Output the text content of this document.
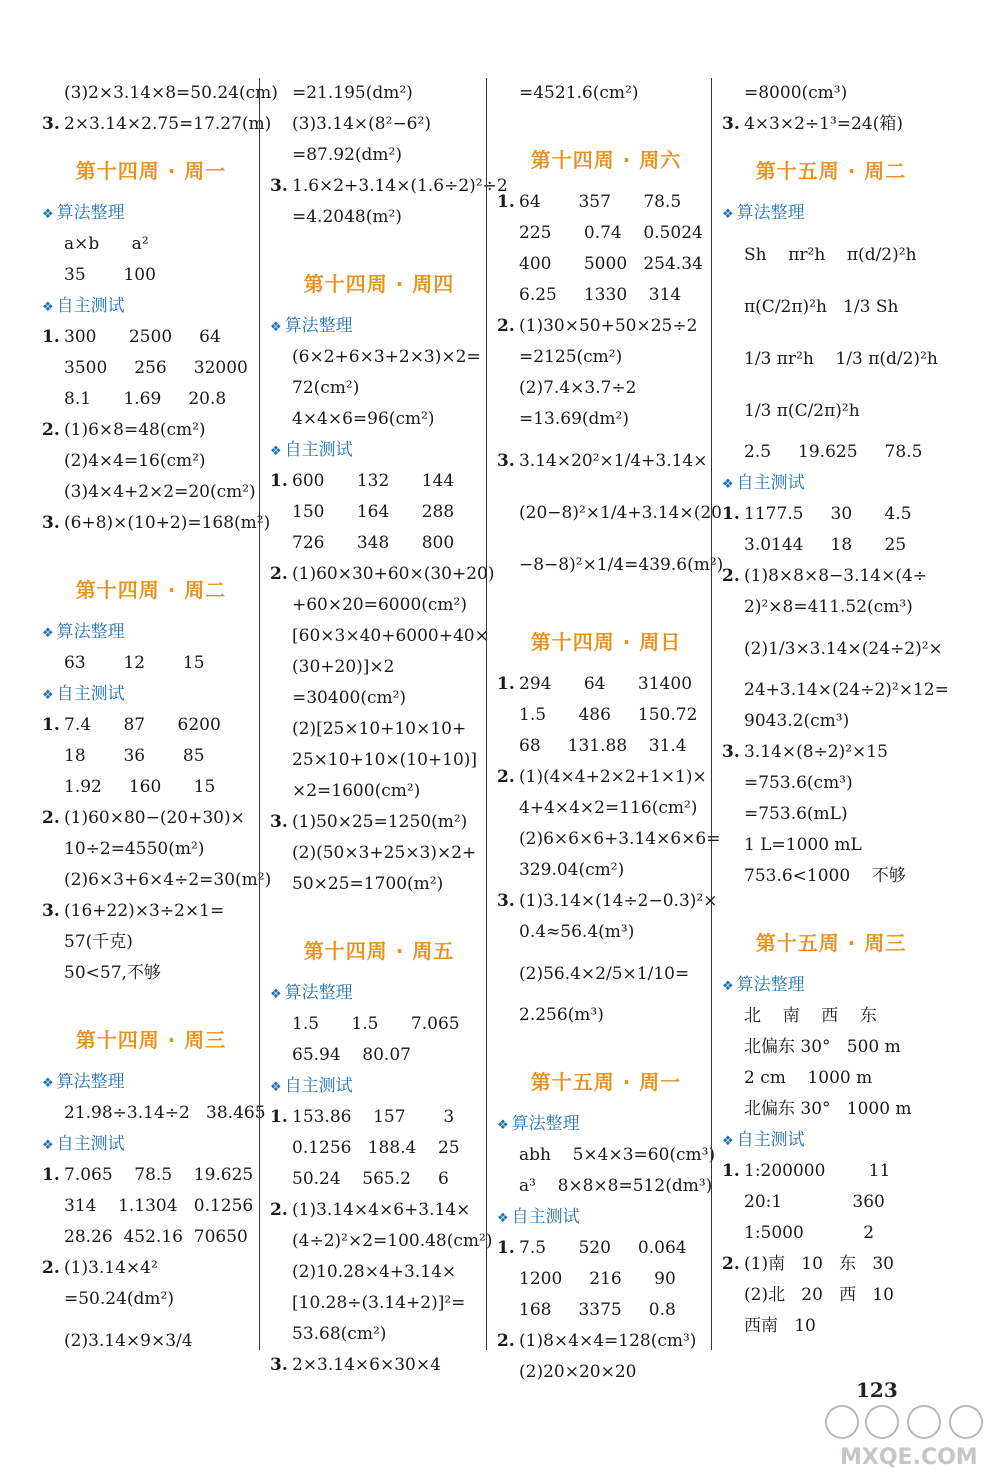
(3)2×3.14×8=50.24(cm)
3. 2×3.14×2.75=17.27(m)
第十四周 · 周一
❖ 算法整理
a×b      a²
35       100
❖ 自主测试
1. 300      2500     64
3500     256     32000
8.1      1.69     20.8
2. (1)6×8=48(cm²)
(2)4×4=16(cm²)
(3)4×4+2×2=20(cm²)
3. (6+8)×(10+2)=168(m²)
第十四周 · 周二
❖ 算法整理
63       12       15
❖ 自主测试
1. 7.4      87      6200
18       36       85
1.92     160      15
2. (1)60×80−(20+30)×
10÷2=4550(m²)
(2)6×3+6×4÷2=30(m²)
3. (16+22)×3÷2×1=
57(千克)
50<57,不够
第十四周 · 周三
❖ 算法整理
21.98÷3.14÷2   38.465
❖ 自主测试
1. 7.065    78.5    19.625
314    1.1304   0.1256
28.26  452.16  70650
2. (1)3.14×4²
=50.24(dm²)
(2)3.14×9×3/4
=21.195(dm²)
(3)3.14×(8²−6²)
=87.92(dm²)
3. 1.6×2+3.14×(1.6÷2)²÷2
=4.2048(m²)
第十四周 · 周四
❖ 算法整理
(6×2+6×3+2×3)×2=
72(cm²)
4×4×6=96(cm²)
❖ 自主测试
1. 600      132      144
150      164      288
726      348      800
2. (1)60×30+60×(30+20)
+60×20=6000(cm²)
[60×3×40+6000+40×
(30+20)]×2
=30400(cm²)
(2)[25×10+10×10+
25×10+10×(10+10)]
×2=1600(cm²)
3. (1)50×25=1250(m²)
(2)(50×3+25×3)×2+
50×25=1700(m²)
第十四周 · 周五
❖ 算法整理
1.5      1.5      7.065
65.94    80.07
❖ 自主测试
1. 153.86    157       3
0.1256   188.4    25
50.24    565.2     6
2. (1)3.14×4×6+3.14×
(4÷2)²×2=100.48(cm²)
(2)10.28×4+3.14×
[10.28÷(3.14+2)]²=
53.68(cm²)
3. 2×3.14×6×30×4
=4521.6(cm²)
第十四周 · 周六
1. 64       357      78.5
225      0.74    0.5024
400      5000   254.34
6.25     1330    314
2. (1)30×50+50×25÷2
=2125(cm²)
(2)7.4×3.7÷2
=13.69(dm²)
3. 3.14×20²×1/4+3.14×
(20−8)²×1/4+3.14×(20
−8−8)²×1/4=439.6(m²)
第十四周 · 周日
1. 294      64      31400
1.5      486     150.72
68     131.88    31.4
2. (1)(4×4+2×2+1×1)×
4+4×4×2=116(cm²)
(2)6×6×6+3.14×6×6=
329.04(cm²)
3. (1)3.14×(14÷2−0.3)²×
0.4≈56.4(m³)
(2)56.4×2/5×1/10=
2.256(m³)
第十五周 · 周一
❖ 算法整理
abh    5×4×3=60(cm³)
a³    8×8×8=512(dm³)
❖ 自主测试
1. 7.5      520     0.064
1200     216      90
168     3375     0.8
2. (1)8×4×4=128(cm³)
(2)20×20×20
=8000(cm³)
3. 4×3×2÷1³=24(箱)
第十五周 · 周二
❖ 算法整理
Sh    πr²h    π(d/2)²h
π(C/2π)²h   1/3 Sh
1/3 πr²h    1/3 π(d/2)²h
1/3 π(C/2π)²h
2.5     19.625     78.5
❖ 自主测试
1. 1177.5     30      4.5
3.0144     18      25
2. (1)8×8×8−3.14×(4÷
2)²×8=411.52(cm³)
(2)1/3×3.14×(24÷2)²×
24+3.14×(24÷2)²×12=
9043.2(cm³)
3. 3.14×(8÷2)²×15
=753.6(cm³)
=753.6(mL)
1 L=1000 mL
753.6<1000    不够
第十五周 · 周三
❖ 算法整理
北    南    西    东
北偏东 30°   500 m
2 cm    1000 m
北偏东 30°   1000 m
❖ 自主测试
1. 1:200000        11
20:1             360
1:5000           2
2. (1)南   10   东   30
(2)北   20   西   10
西南   10
123
MXQE.COM
